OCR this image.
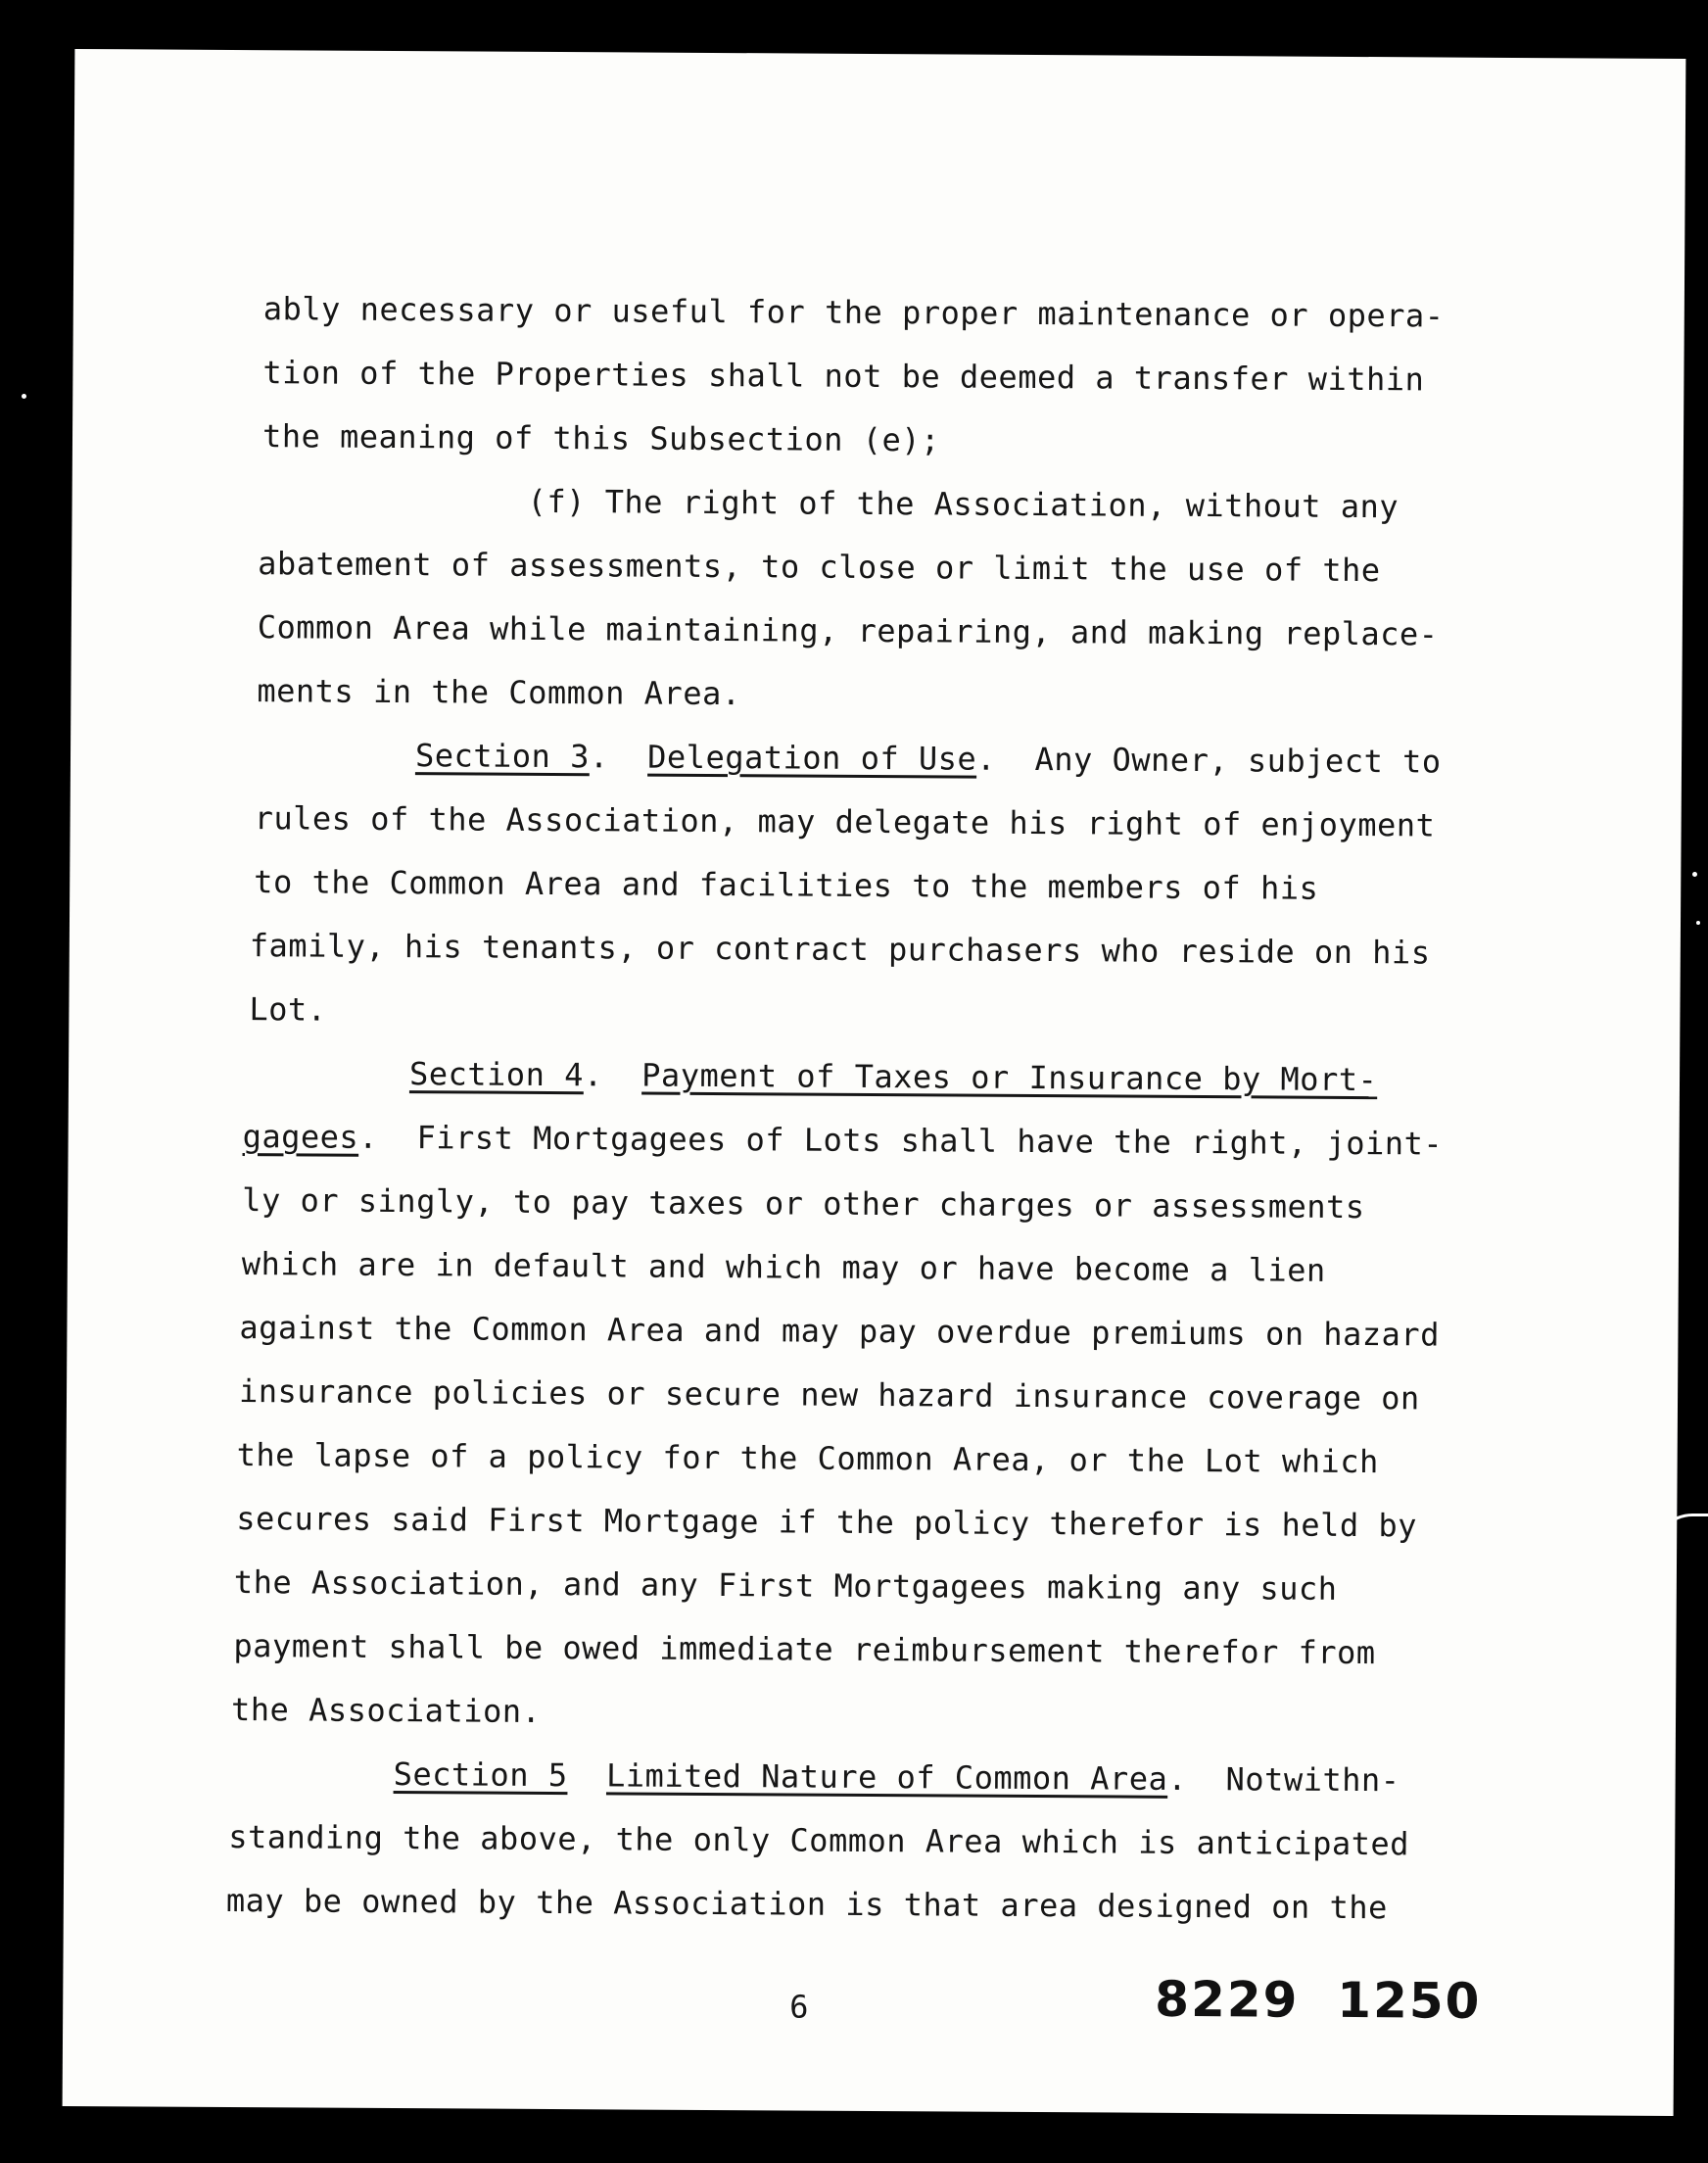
ably necessary or useful for the proper maintenance or opera-
tion of the Properties shall not be deemed a transfer within
the meaning of this Subsection (e);
(f) The right of the Association, without any
abatement of assessments, to close or limit the use of the
Common Area while maintaining, repairing, and making replace-
ments in the Common Area.
Section 3.  Delegation of Use.  Any Owner, subject to
rules of the Association, may delegate his right of enjoyment
to the Common Area and facilities to the members of his
family, his tenants, or contract purchasers who reside on his
Lot.
Section 4.  Payment of Taxes or Insurance by Mort-
gagees.  First Mortgagees of Lots shall have the right, joint-
ly or singly, to pay taxes or other charges or assessments
which are in default and which may or have become a lien
against the Common Area and may pay overdue premiums on hazard
insurance policies or secure new hazard insurance coverage on
the lapse of a policy for the Common Area, or the Lot which
secures said First Mortgage if the policy therefor is held by
the Association, and any First Mortgagees making any such
payment shall be owed immediate reimbursement therefor from
the Association.
Section 5 Limited Nature of Common Area.  Notwithn-
standing the above, the only Common Area which is anticipated
may be owned by the Association is that area designed on the
6	8229  1250
